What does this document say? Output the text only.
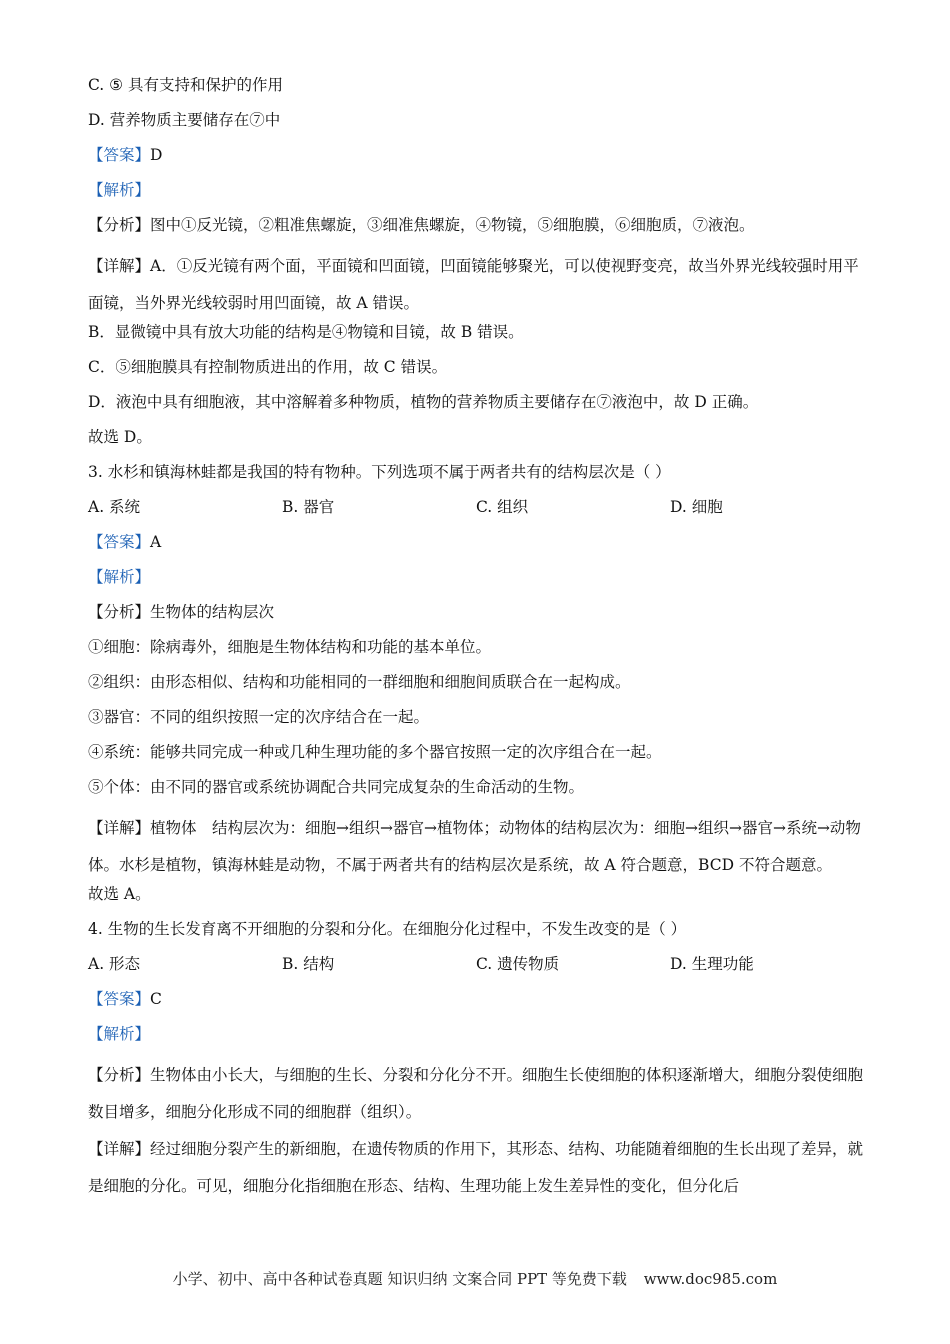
C. ⑤ 具有支持和保护的作用
D. 营养物质主要储存在⑦中
【答案】D
【解析】
【分析】图中①反光镜，②粗准焦螺旋，③细准焦螺旋，④物镜，⑤细胞膜，⑥细胞质，⑦液泡。
【详解】A．①反光镜有两个面，平面镜和凹面镜，凹面镜能够聚光，可以使视野变亮，故当外界光线较强时用平面镜，当外界光线较弱时用凹面镜，故 A 错误。
B．显微镜中具有放大功能的结构是④物镜和目镜，故 B 错误。
C．⑤细胞膜具有控制物质进出的作用，故 C 错误。
D．液泡中具有细胞液，其中溶解着多种物质，植物的营养物质主要储存在⑦液泡中，故 D 正确。
故选 D。
3. 水杉和镇海林蛙都是我国的特有物种。下列选项不属于两者共有的结构层次是（ ）
A. 系统	B. 器官	C. 组织	D. 细胞
【答案】A
【解析】
【分析】生物体的结构层次
①细胞：除病毒外，细胞是生物体结构和功能的基本单位。
②组织：由形态相似、结构和功能相同的一群细胞和细胞间质联合在一起构成。
③器官：不同的组织按照一定的次序结合在一起。
④系统：能够共同完成一种或几种生理功能的多个器官按照一定的次序组合在一起。
⑤个体：由不同的器官或系统协调配合共同完成复杂的生命活动的生物。
【详解】植物体　结构层次为：细胞→组织→器官→植物体；动物体的结构层次为：细胞→组织→器官→系统→动物体。水杉是植物，镇海林蛙是动物，不属于两者共有的结构层次是系统，故 A 符合题意，BCD 不符合题意。
故选 A。
4. 生物的生长发育离不开细胞的分裂和分化。在细胞分化过程中，不发生改变的是（ ）
A. 形态	B. 结构	C. 遗传物质	D. 生理功能
【答案】C
【解析】
【分析】生物体由小长大，与细胞的生长、分裂和分化分不开。细胞生长使细胞的体积逐渐增大，细胞分裂使细胞数目增多，细胞分化形成不同的细胞群（组织）。
【详解】经过细胞分裂产生的新细胞，在遗传物质的作用下，其形态、结构、功能随着细胞的生长出现了差异，就是细胞的分化。可见，细胞分化指细胞在形态、结构、生理功能上发生差异性的变化，但分化后
小学、初中、高中各种试卷真题 知识归纳 文案合同 PPT 等免费下载 www.doc985.com
